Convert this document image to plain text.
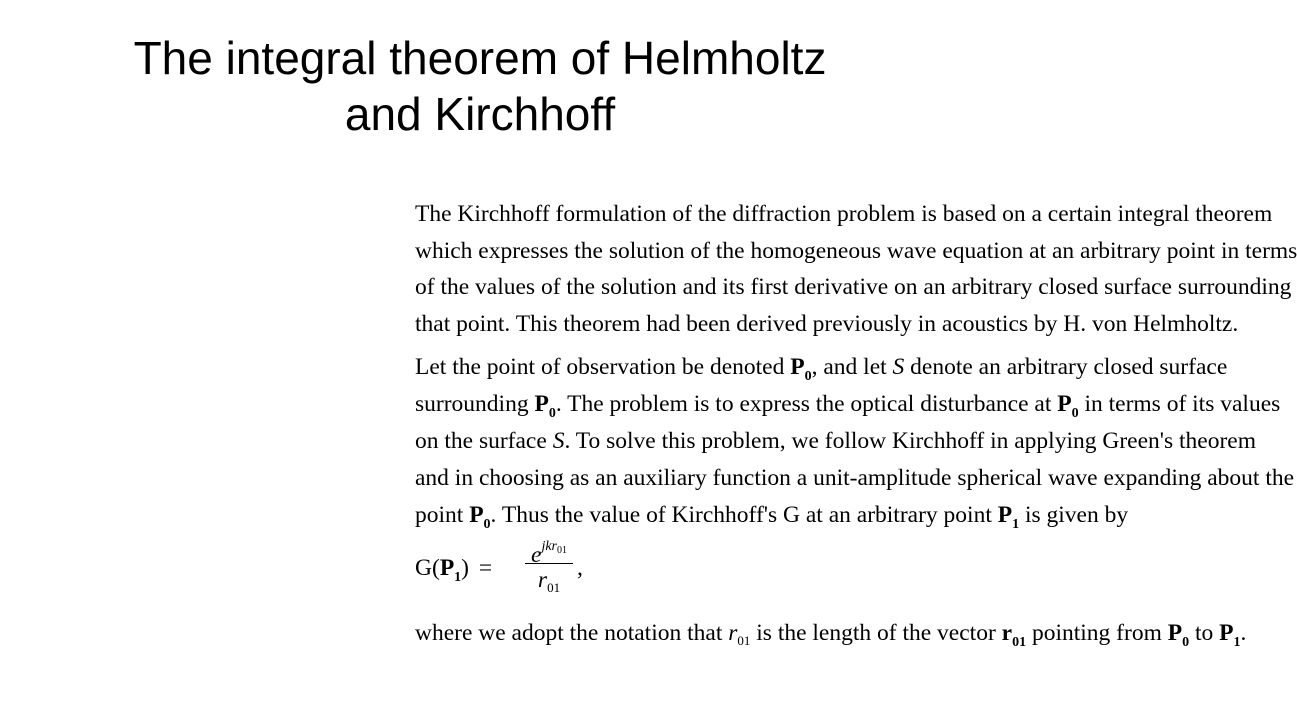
The integral theorem of Helmholtz
and Kirchhoff
The Kirchhoff formulation of the diffraction problem is based on a certain integral theorem
which expresses the solution of the homogeneous wave equation at an arbitrary point in terms
of the values of the solution and its first derivative on an arbitrary closed surface surrounding
that point. This theorem had been derived previously in acoustics by H. von Helmholtz.
Let the point of observation be denoted $P_0$, and let S denote an arbitrary closed surface
surrounding $P_0$. The problem is to express the optical disturbance at $P_0$ in terms of its values
on the surface S. To solve this problem, we follow Kirchhoff in applying Green's theorem
and in choosing as an auxiliary function a unit-amplitude spherical wave expanding about the
point $P_0$. Thus the value of Kirchhoff's G at an arbitrary point $P_1$ is given by
$G(P_1) = e^{jkr_{01}}$
$r_{01}$
,
where we adopt the notation that $r_{01}$ is the length of the vector $r_{01}$ pointing from $P_0$ to $P_1$.
